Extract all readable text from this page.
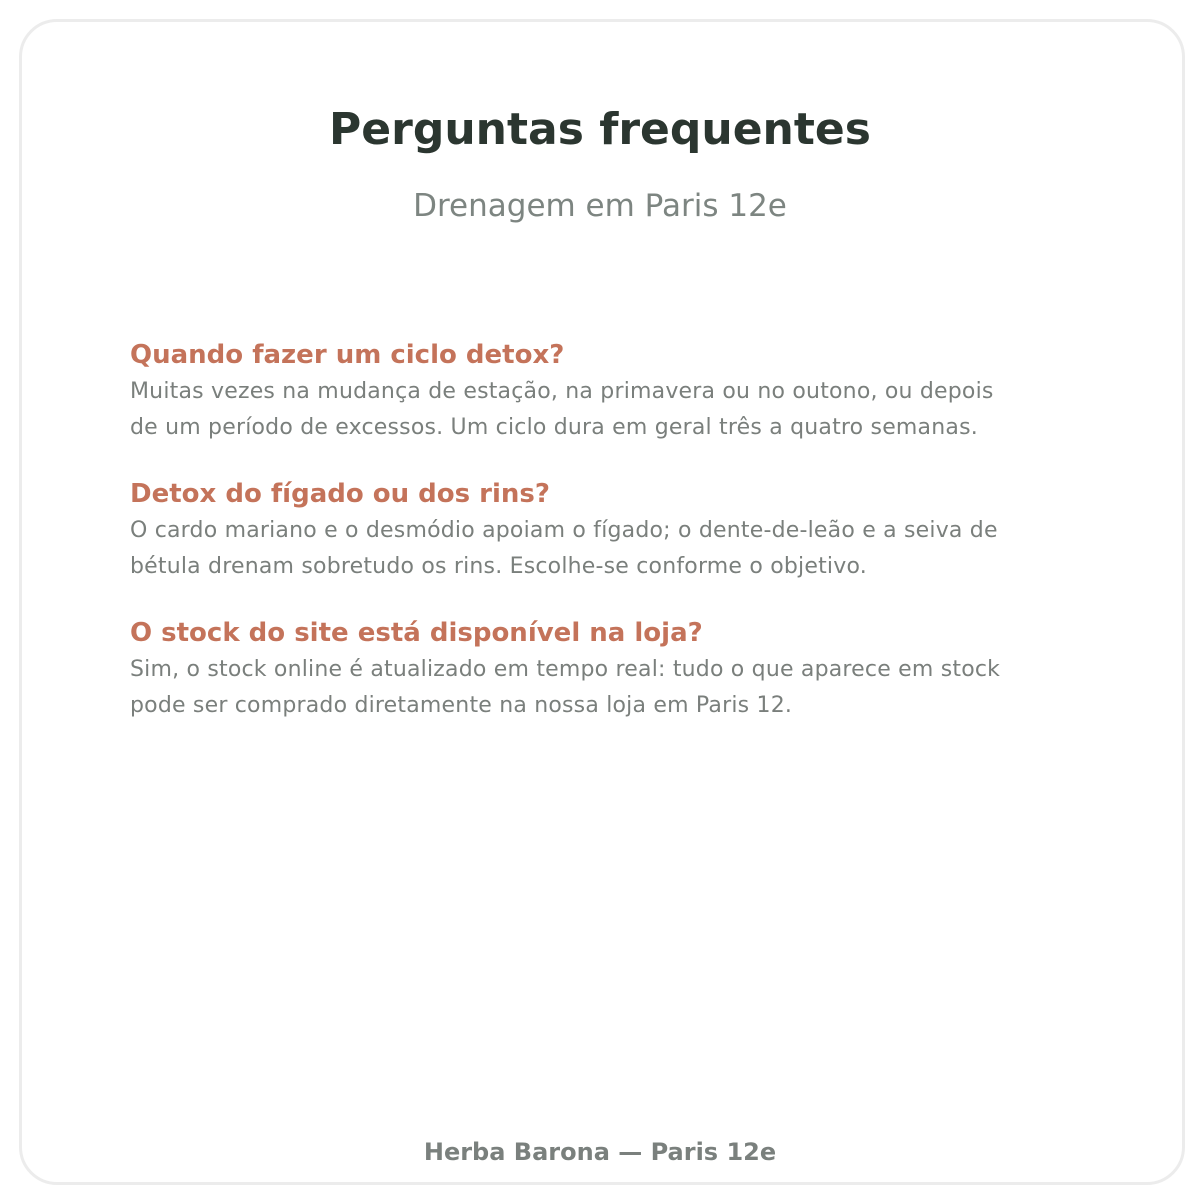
Perguntas frequentes

Drenagem em Paris 12e

Quando fazer um ciclo detox?

Muitas vezes na mudança de estação, na primavera ou no outono, ou depois

de um período de excessos. Um ciclo dura em geral três a quatro semanas.

Detox do fígado ou dos rins?

O cardo mariano e o desmódio apoiam o fígado; o dente-de-leão e a seiva de

bétula drenam sobretudo os rins. Escolhe-se conforme o objetivo.

O stock do site está disponível na loja?

Sim, o stock online é atualizado em tempo real: tudo o que aparece em stock

pode ser comprado diretamente na nossa loja em Paris 12.

Herba Barona — Paris 12e
